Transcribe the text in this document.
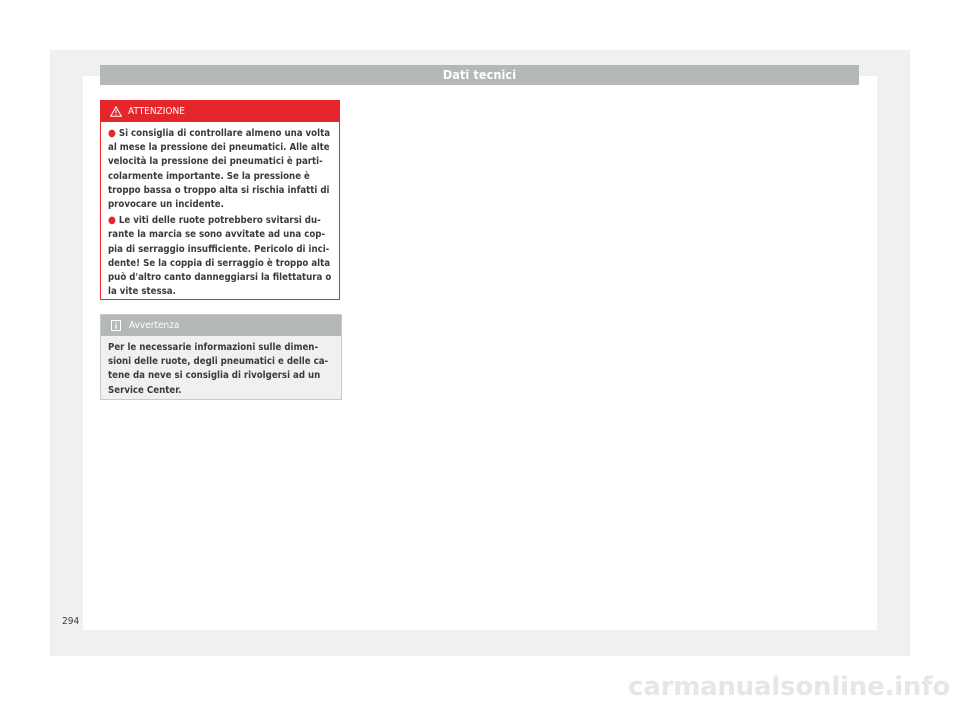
Dati tecnici
ATTENZIONE

● Si consiglia di controllare almeno una volta al mese la pressione dei pneumatici. Alle alte velocità la pressione dei pneumatici è parti-colarmente importante. Se la pressione è troppo bassa o troppo alta si rischia infatti di provocare un incidente.

● Le viti delle ruote potrebbero svitarsi du-rante la marcia se sono avvitate ad una cop-pia di serraggio insufficiente. Pericolo di inci-dente! Se la coppia di serraggio è troppo alta può d'altro canto danneggiarsi la filettatura o la vite stessa.

Avvertenza
Per le necessarie informazioni sulle dimen-sioni delle ruote, degli pneumatici e delle ca-tene da neve si consiglia di rivolgersi ad un Service Center.
294
carmanualsonline.info
